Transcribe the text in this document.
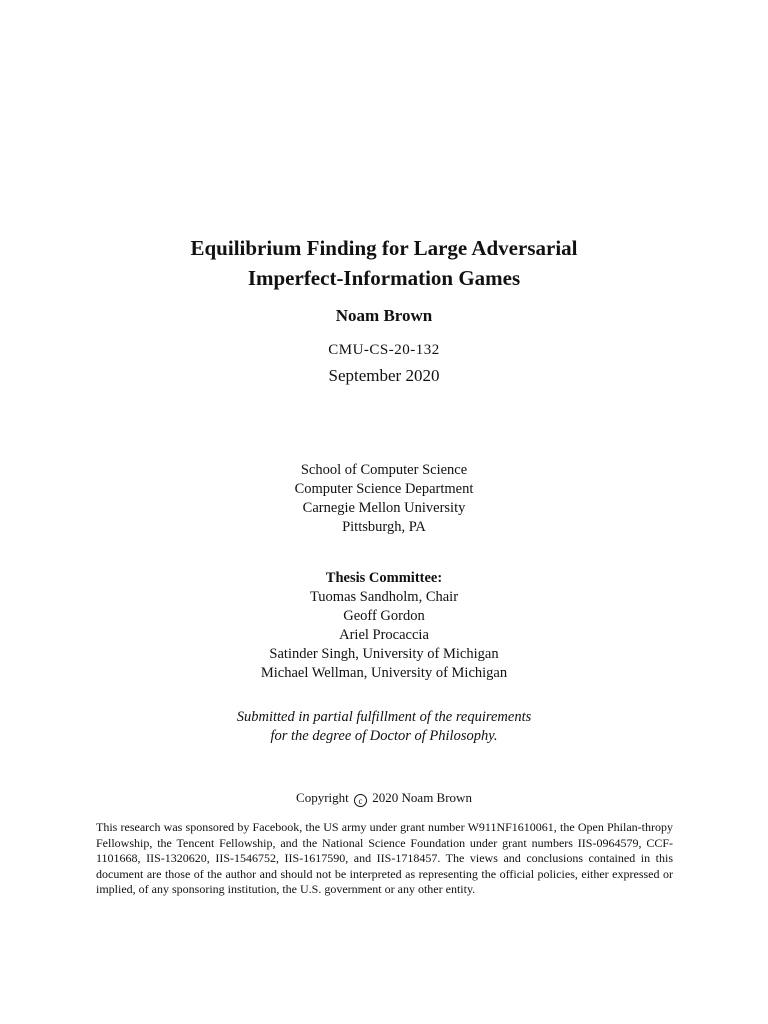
Equilibrium Finding for Large Adversarial
Imperfect-Information Games
Noam Brown
CMU-CS-20-132
September 2020
School of Computer Science
Computer Science Department
Carnegie Mellon University
Pittsburgh, PA
Thesis Committee:
Tuomas Sandholm, Chair
Geoff Gordon
Ariel Procaccia
Satinder Singh, University of Michigan
Michael Wellman, University of Michigan
Submitted in partial fulfillment of the requirements
for the degree of Doctor of Philosophy.
Copyright c 2020 Noam Brown
This research was sponsored by Facebook, the US army under grant number W911NF1610061, the Open Philan-thropy Fellowship, the Tencent Fellowship, and the National Science Foundation under grant numbers IIS-0964579, CCF-1101668, IIS-1320620, IIS-1546752, IIS-1617590, and IIS-1718457. The views and conclusions contained in this document are those of the author and should not be interpreted as representing the official policies, either expressed or implied, of any sponsoring institution, the U.S. government or any other entity.
